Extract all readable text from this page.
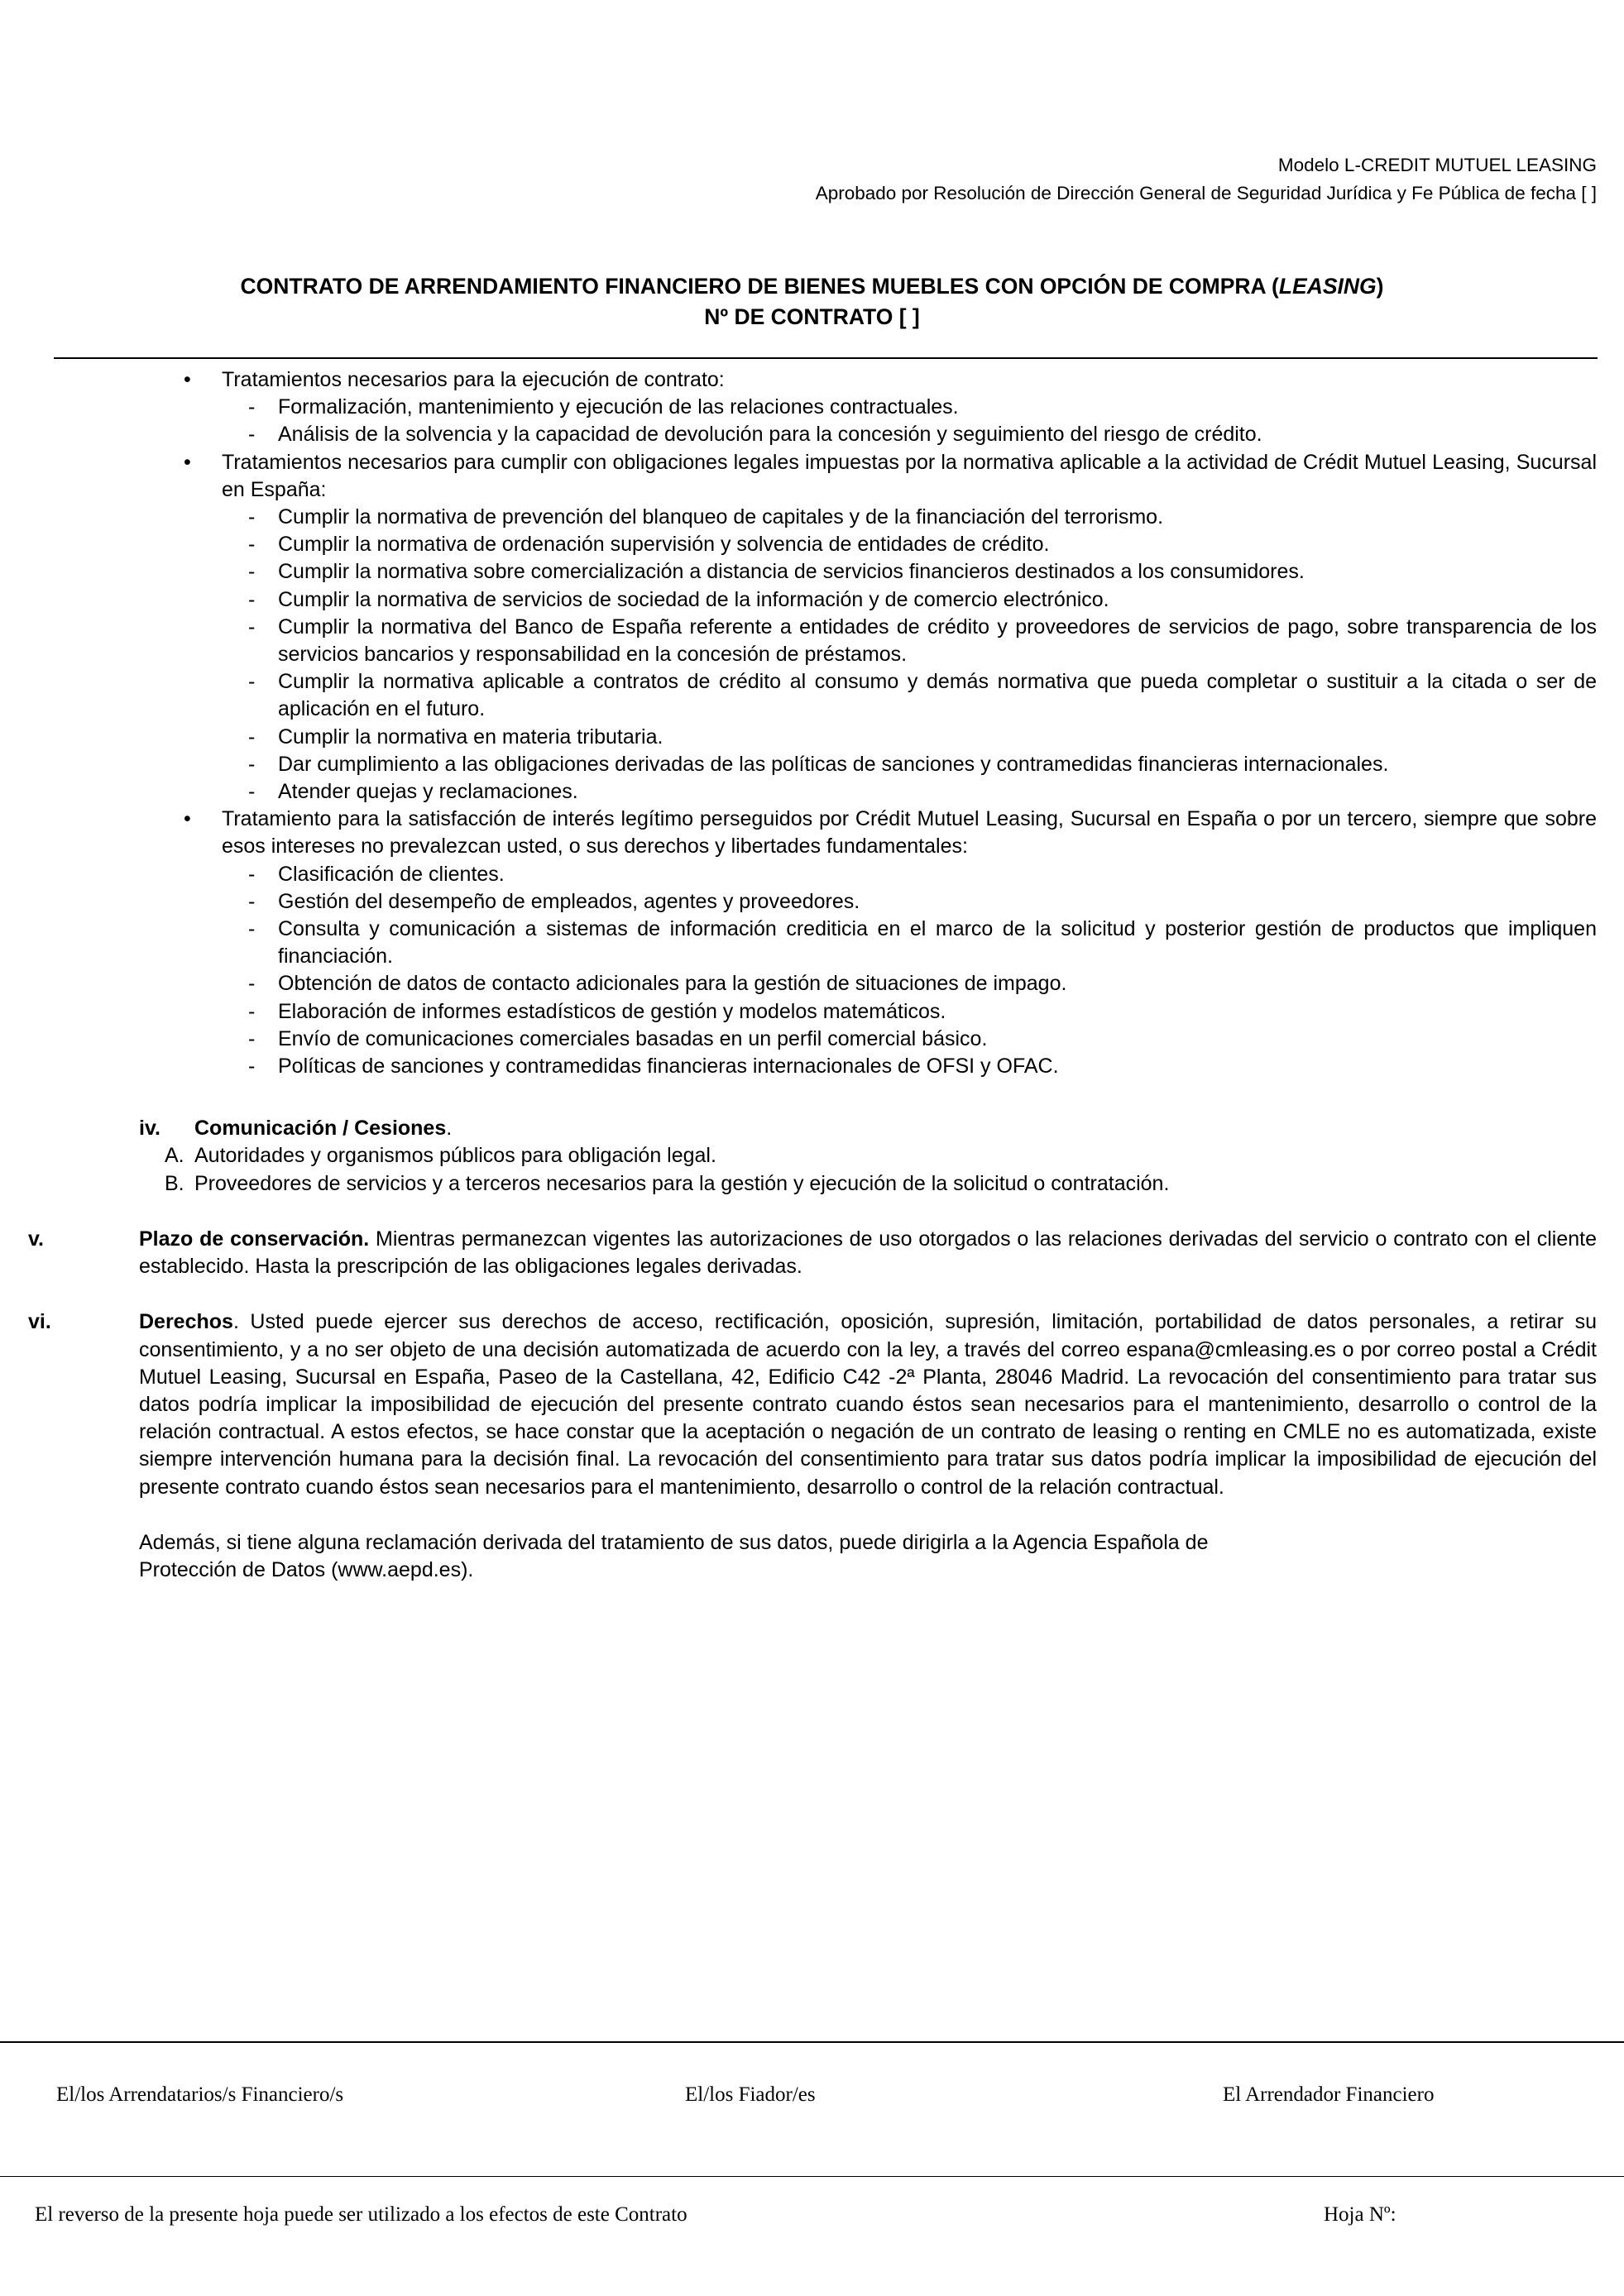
Modelo L-CREDIT MUTUEL LEASING
Aprobado por Resolución de Dirección General de Seguridad Jurídica y Fe Pública de fecha [ ]
CONTRATO DE ARRENDAMIENTO FINANCIERO DE BIENES MUEBLES CON OPCIÓN DE COMPRA (LEASING)
Nº DE CONTRATO [ ]
• Tratamientos necesarios para la ejecución de contrato:
- Formalización, mantenimiento y ejecución de las relaciones contractuales.
- Análisis de la solvencia y la capacidad de devolución para la concesión y seguimiento del riesgo de crédito.
• Tratamientos necesarios para cumplir con obligaciones legales impuestas por la normativa aplicable a la actividad de Crédit Mutuel Leasing, Sucursal en España:
- Cumplir la normativa de prevención del blanqueo de capitales y de la financiación del terrorismo.
- Cumplir la normativa de ordenación supervisión y solvencia de entidades de crédito.
- Cumplir la normativa sobre comercialización a distancia de servicios financieros destinados a los consumidores.
- Cumplir la normativa de servicios de sociedad de la información y de comercio electrónico.
- Cumplir la normativa del Banco de España referente a entidades de crédito y proveedores de servicios de pago, sobre transparencia de los servicios bancarios y responsabilidad en la concesión de préstamos.
- Cumplir la normativa aplicable a contratos de crédito al consumo y demás normativa que pueda completar o sustituir a la citada o ser de aplicación en el futuro.
- Cumplir la normativa en materia tributaria.
- Dar cumplimiento a las obligaciones derivadas de las políticas de sanciones y contramedidas financieras internacionales.
- Atender quejas y reclamaciones.
• Tratamiento para la satisfacción de interés legítimo perseguidos por Crédit Mutuel Leasing, Sucursal en España o por un tercero, siempre que sobre esos intereses no prevalezcan usted, o sus derechos y libertades fundamentales:
- Clasificación de clientes.
- Gestión del desempeño de empleados, agentes y proveedores.
- Consulta y comunicación a sistemas de información crediticia en el marco de la solicitud y posterior gestión de productos que impliquen financiación.
- Obtención de datos de contacto adicionales para la gestión de situaciones de impago.
- Elaboración de informes estadísticos de gestión y modelos matemáticos.
- Envío de comunicaciones comerciales basadas en un perfil comercial básico.
- Políticas de sanciones y contramedidas financieras internacionales de OFSI y OFAC.
iv. Comunicación / Cesiones.
A. Autoridades y organismos públicos para obligación legal.
B. Proveedores de servicios y a terceros necesarios para la gestión y ejecución de la solicitud o contratación.
v.	Plazo de conservación. Mientras permanezcan vigentes las autorizaciones de uso otorgados o las relaciones derivadas del servicio o contrato con el cliente establecido. Hasta la prescripción de las obligaciones legales derivadas.
vi.	Derechos. Usted puede ejercer sus derechos de acceso, rectificación, oposición, supresión, limitación, portabilidad de datos personales, a retirar su consentimiento, y a no ser objeto de una decisión automatizada de acuerdo con la ley, a través del correo espana@cmleasing.es o por correo postal a Crédit Mutuel Leasing, Sucursal en España, Paseo de la Castellana, 42, Edificio C42 -2ª Planta, 28046 Madrid. La revocación del consentimiento para tratar sus datos podría implicar la imposibilidad de ejecución del presente contrato cuando éstos sean necesarios para el mantenimiento, desarrollo o control de la relación contractual. A estos efectos, se hace constar que la aceptación o negación de un contrato de leasing o renting en CMLE no es automatizada, existe siempre intervención humana para la decisión final. La revocación del consentimiento para tratar sus datos podría implicar la imposibilidad de ejecución del presente contrato cuando éstos sean necesarios para el mantenimiento, desarrollo o control de la relación contractual.
Además, si tiene alguna reclamación derivada del tratamiento de sus datos, puede dirigirla a la Agencia Española de
Protección de Datos (www.aepd.es).
El/los Arrendatarios/s Financiero/s	El/los Fiador/es	El Arrendador Financiero
El reverso de la presente hoja puede ser utilizado a los efectos de este Contrato	Hoja Nº:
